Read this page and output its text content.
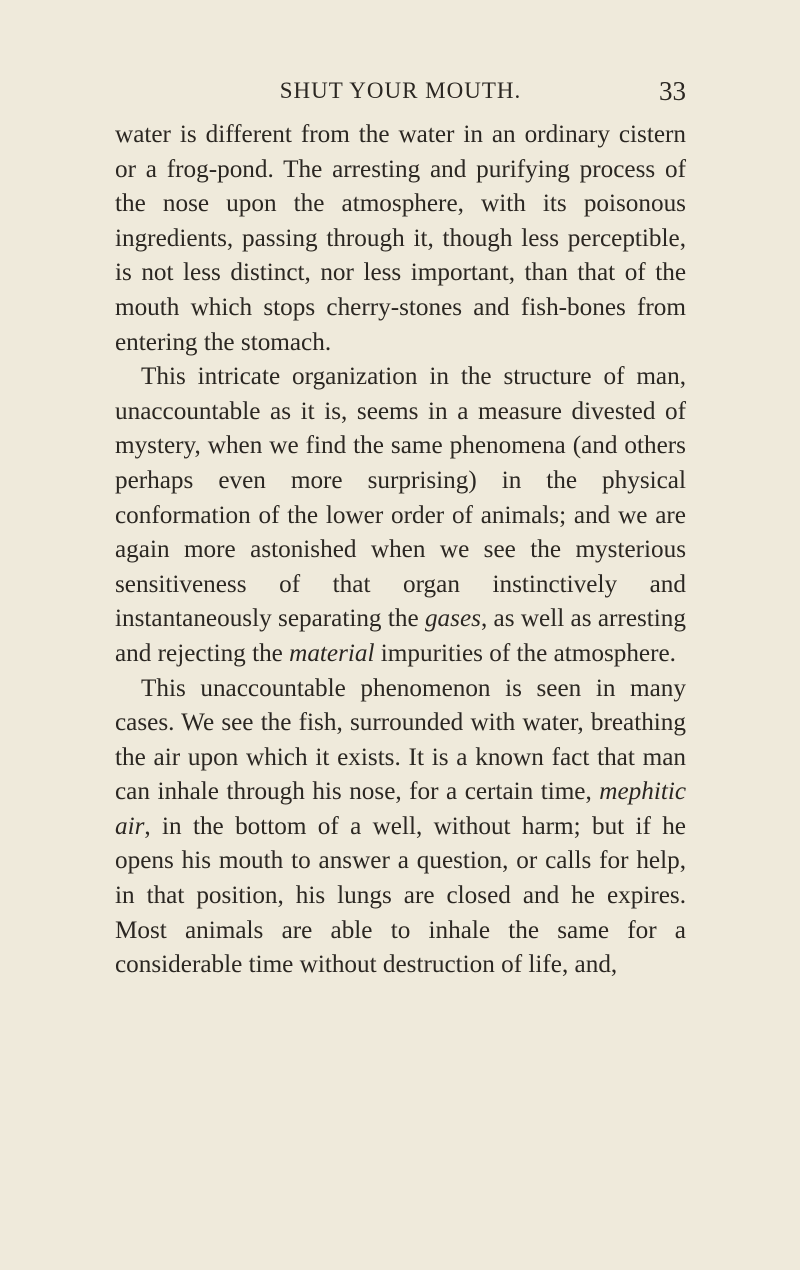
SHUT YOUR MOUTH.	33

water is different from the water in an ordinary cistern or a frog-pond. The arresting and purifying process of the nose upon the atmosphere, with its poisonous ingredients, passing through it, though less perceptible, is not less distinct, nor less important, than that of the mouth which stops cherry-stones and fish-bones from entering the stomach.

This intricate organization in the structure of man, unaccountable as it is, seems in a measure divested of mystery, when we find the same phenomena (and others perhaps even more surprising) in the physical conformation of the lower order of animals; and we are again more astonished when we see the mysterious sensitiveness of that organ instinctively and instantaneously separating the gases, as well as arresting and rejecting the material impurities of the atmosphere.

This unaccountable phenomenon is seen in many cases. We see the fish, surrounded with water, breathing the air upon which it exists. It is a known fact that man can inhale through his nose, for a certain time, mephitic air, in the bottom of a well, without harm; but if he opens his mouth to answer a question, or calls for help, in that position, his lungs are closed and he expires. Most animals are able to inhale the same for a considerable time without destruction of life, and,
